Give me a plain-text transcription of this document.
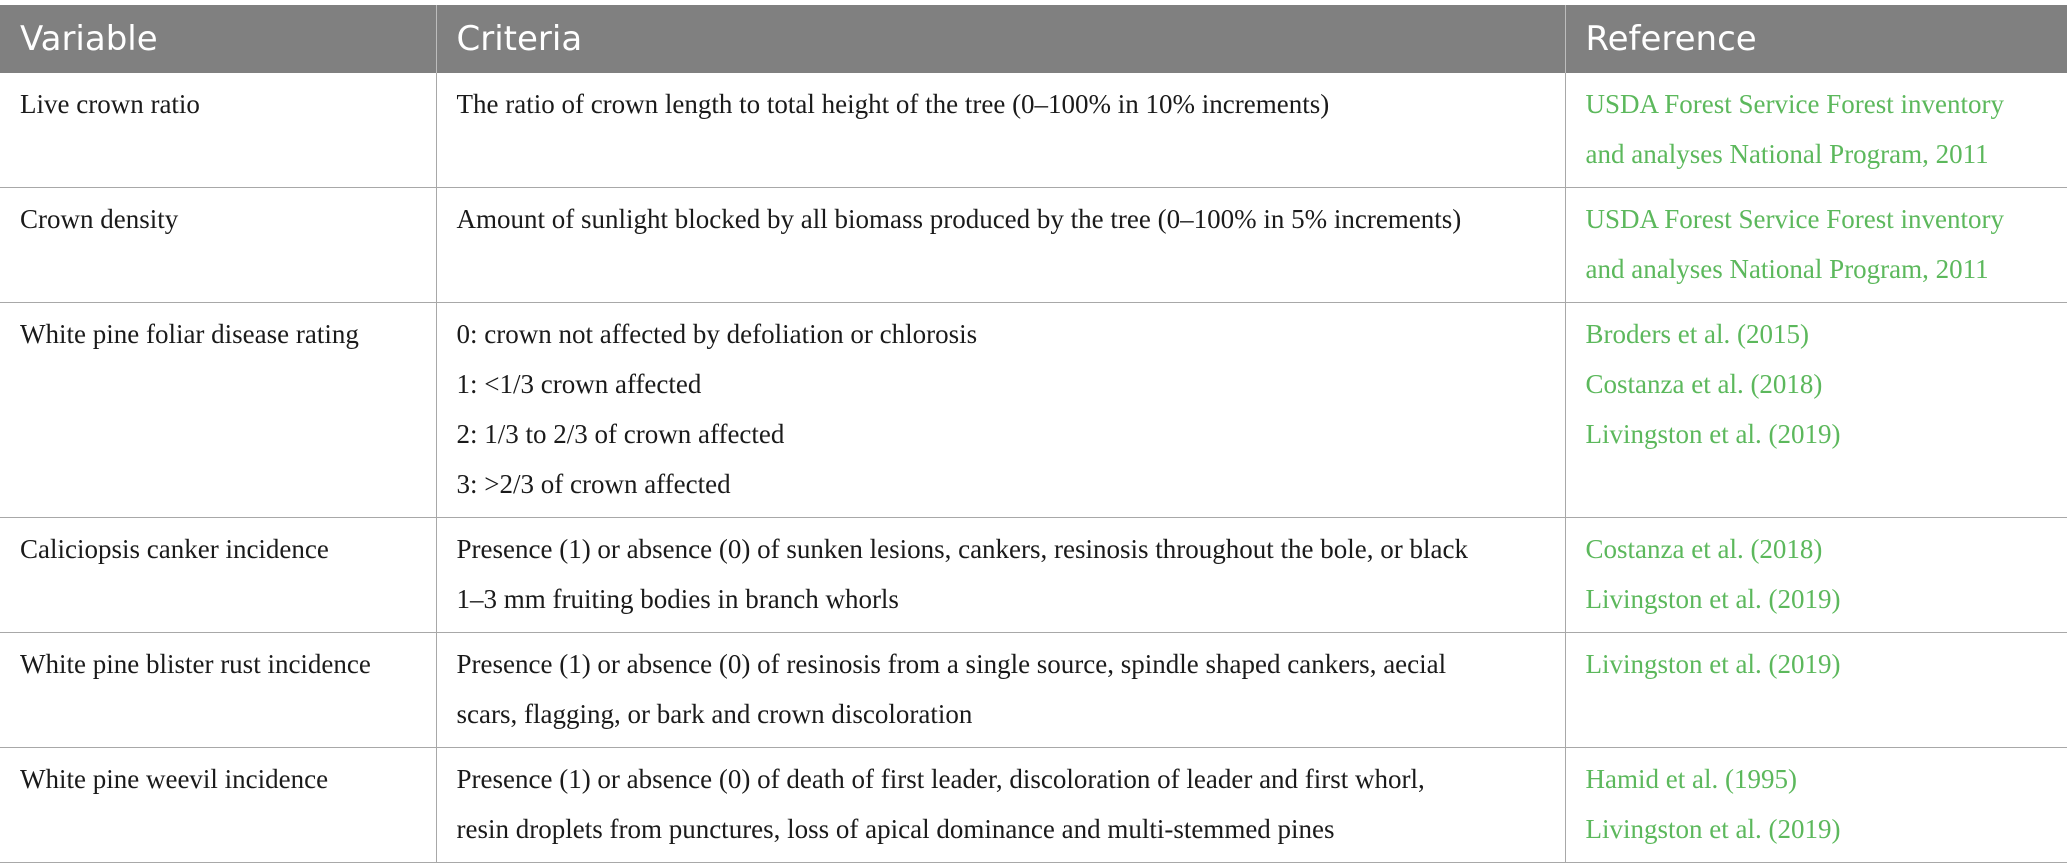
Variable	Criteria	Reference
Live crown ratio	The ratio of crown length to total height of the tree (0–100% in 10% increments)	USDA Forest Service Forest inventory
and analyses National Program, 2011

Crown density	Amount of sunlight blocked by all biomass produced by the tree (0–100% in 5% increments)	USDA Forest Service Forest inventory
and analyses National Program, 2011

White pine foliar disease rating	0: crown not affected by defoliation or chlorosis
1: <1/3 crown affected
2: 1/3 to 2/3 of crown affected
3: >2/3 of crown affected	Broders et al. (2015)
Costanza et al. (2018)
Livingston et al. (2019)

Caliciopsis canker incidence	Presence (1) or absence (0) of sunken lesions, cankers, resinosis throughout the bole, or black
1–3 mm fruiting bodies in branch whorls	Costanza et al. (2018)
Livingston et al. (2019)

White pine blister rust incidence	Presence (1) or absence (0) of resinosis from a single source, spindle shaped cankers, aecial
scars, flagging, or bark and crown discoloration	Livingston et al. (2019)

White pine weevil incidence	Presence (1) or absence (0) of death of first leader, discoloration of leader and first whorl,
resin droplets from punctures, loss of apical dominance and multi-stemmed pines	Hamid et al. (1995)
Livingston et al. (2019)
